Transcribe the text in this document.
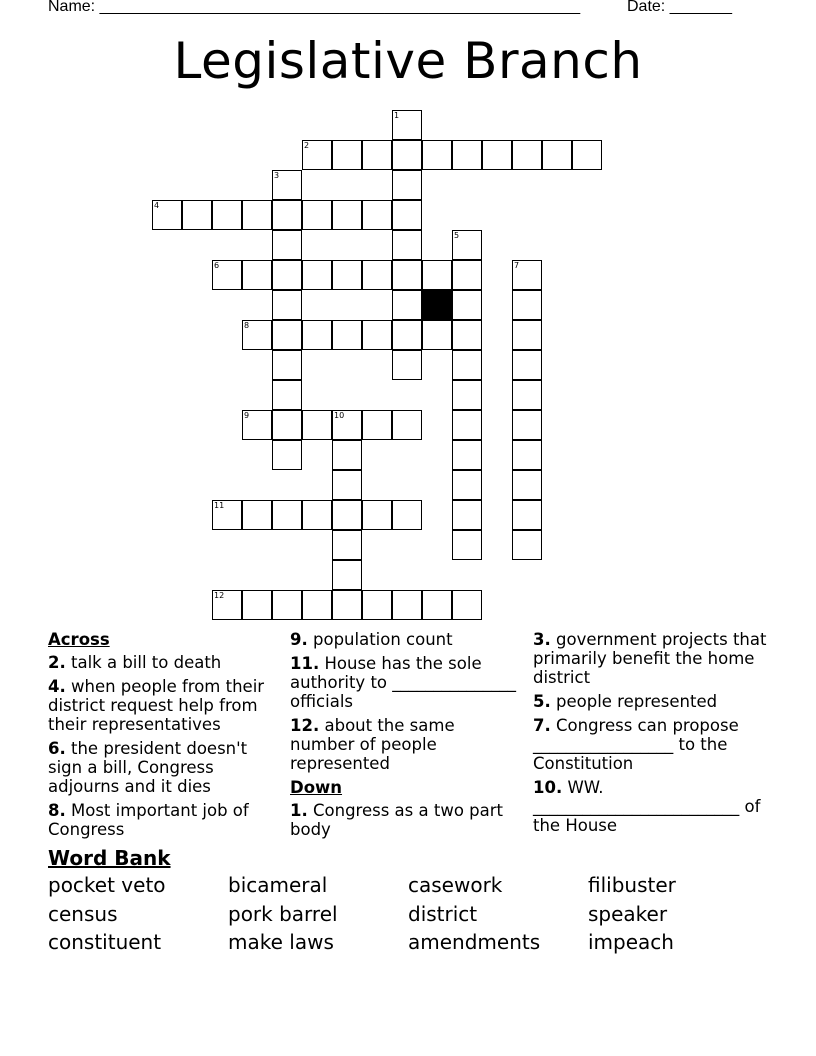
Name: ______________________________________________________	Date: _______
Legislative Branch
1
2
3
4
5
6	7
8
9	10
11
12
Across
2. talk a bill to death
4. when people from their district request help from their representatives
6. the president doesn't sign a bill, Congress adjourns and it dies
8. Most important job of Congress
9. population count
11. House has the sole authority to _______________ officials
12. about the same number of people represented
Down
1. Congress as a two part body
3. government projects that primarily benefit the home district
5. people represented
7. Congress can propose _________________ to the Constitution
10. WW. _________________________ of the House
Word Bank
pocket veto	bicameral	casework	filibuster
census	pork barrel	district	speaker
constituent	make laws	amendments	impeach
